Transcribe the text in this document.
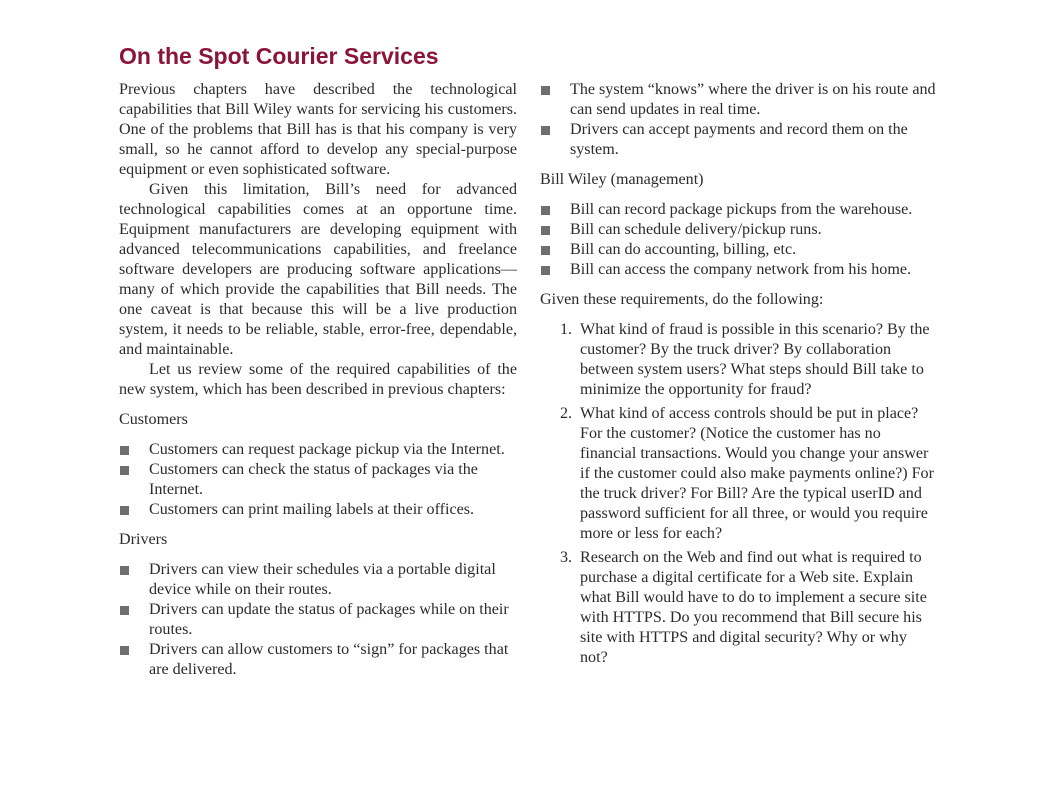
On the Spot Courier Services

Previous chapters have described the technological capabilities that Bill Wiley wants for servicing his customers. One of the problems that Bill has is that his company is very small, so he cannot afford to develop any special-purpose equipment or even sophisticated software.

Given this limitation, Bill’s need for advanced technological capabilities comes at an opportune time. Equipment manufacturers are developing equipment with advanced telecommunications capabilities, and freelance software developers are producing software applications—many of which provide the capabilities that Bill needs. The one caveat is that because this will be a live production system, it needs to be reliable, stable, error-free, dependable, and maintainable.

Let us review some of the required capabilities of the new system, which has been described in previous chapters:

Customers

Customers can request package pickup via the Internet.
Customers can check the status of packages via the Internet.
Customers can print mailing labels at their offices.

Drivers

Drivers can view their schedules via a portable digital device while on their routes.
Drivers can update the status of packages while on their routes.
Drivers can allow customers to “sign” for packages that are delivered.
The system “knows” where the driver is on his route and can send updates in real time.
Drivers can accept payments and record them on the system.

Bill Wiley (management)

Bill can record package pickups from the warehouse.
Bill can schedule delivery/pickup runs.
Bill can do accounting, billing, etc.
Bill can access the company network from his home.

Given these requirements, do the following:

1. What kind of fraud is possible in this scenario? By the customer? By the truck driver? By collaboration between system users? What steps should Bill take to minimize the opportunity for fraud?
2. What kind of access controls should be put in place? For the customer? (Notice the customer has no financial transactions. Would you change your answer if the customer could also make payments online?) For the truck driver? For Bill? Are the typical userID and password sufficient for all three, or would you require more or less for each?
3. Research on the Web and find out what is required to purchase a digital certificate for a Web site. Explain what Bill would have to do to implement a secure site with HTTPS. Do you recommend that Bill secure his site with HTTPS and digital security? Why or why not?
